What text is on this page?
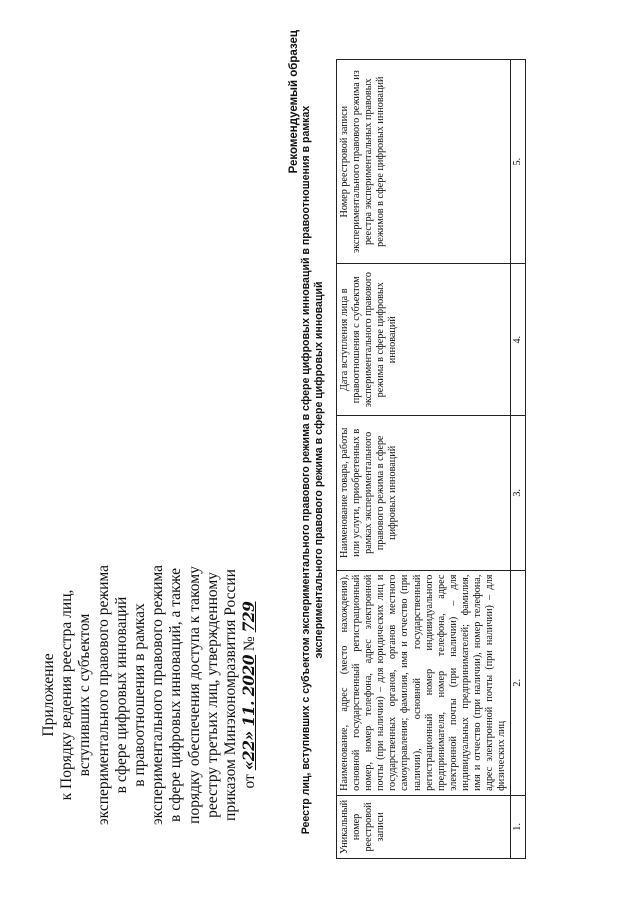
Приложение к Порядку ведения реестра лиц, вступивших с субъектом экспериментального правового режима в сфере цифровых инноваций в правоотношения в рамках экспериментального правового режима в сфере цифровых инноваций, а также порядку обеспечения доступа к такому реестру третьих лиц, утвержденному приказом Минэкономразвития России от «22» 11. 2020 № 729
Рекомендуемый образец
Реестр лиц, вступивших с субъектом экспериментального правового режима в сфере цифровых инноваций в правоотношения в рамках экспериментального правового режима в сфере цифровых инноваций
Уникальный номер реестровой записи	Наименование, адрес (место нахождения), основной государственный регистрационный номер, номер телефона, адрес электронной почты (при наличии) – для юридических лиц и государственных органов, органов местного самоуправления; фамилия, имя и отчество (при наличии), основной государственный регистрационный номер индивидуального предпринимателя, номер телефона, адрес электронной почты (при наличии) – для индивидуальных предпринимателей; фамилия, имя и отчество (при наличии), номер телефона, адрес электронной почты (при наличии) – для физических лиц	Наименование товара, работы или услуги, приобретенных в рамках экспериментального правового режима в сфере цифровых инноваций	Дата вступления лица в правоотношения с субъектом экспериментального правового режима в сфере цифровых инноваций	Номер реестровой записи экспериментального правового режима из реестра экспериментальных правовых режимов в сфере цифровых инноваций
1.	2.	3.	4.	5.
